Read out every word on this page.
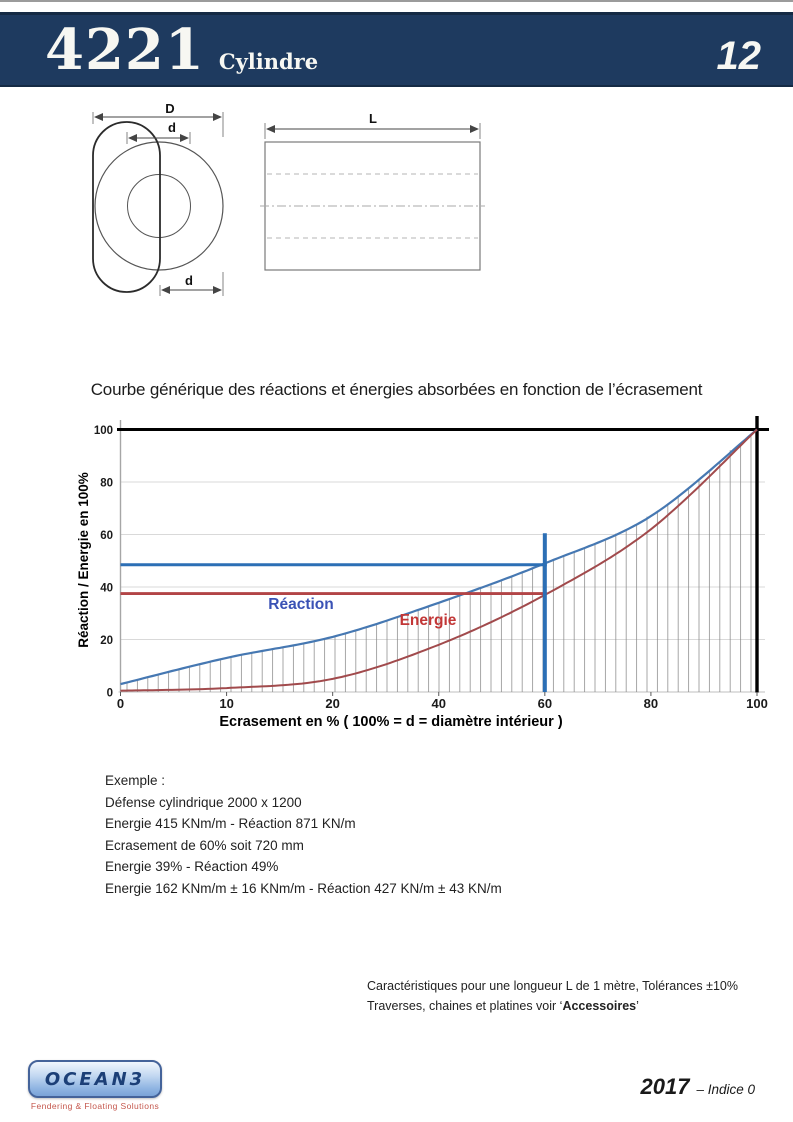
4221 Cylindre	12
D
d
d
L
Courbe générique des réactions et énergies absorbées en fonction de l’écrasement
0	10	20	40	60	80	100
0
20
40
60
80
100
Réaction
Energie
Ecrasement en % ( 100% = d = diamètre intérieur )
Réaction / Energie en 100%
Exemple :
Défense cylindrique 2000 x 1200
Energie 415 KNm/m - Réaction 871 KN/m
Ecrasement de 60% soit 720 mm
Energie 39% - Réaction 49%
Energie 162 KNm/m ± 16 KNm/m - Réaction 427 KN/m ± 43 KN/m
Caractéristiques pour une longueur L de 1 mètre, Tolérances ±10%
Traverses, chaines et platines voir ‘Accessoires’
OCEAN3
Fendering & Floating Solutions
2017 – Indice 0
